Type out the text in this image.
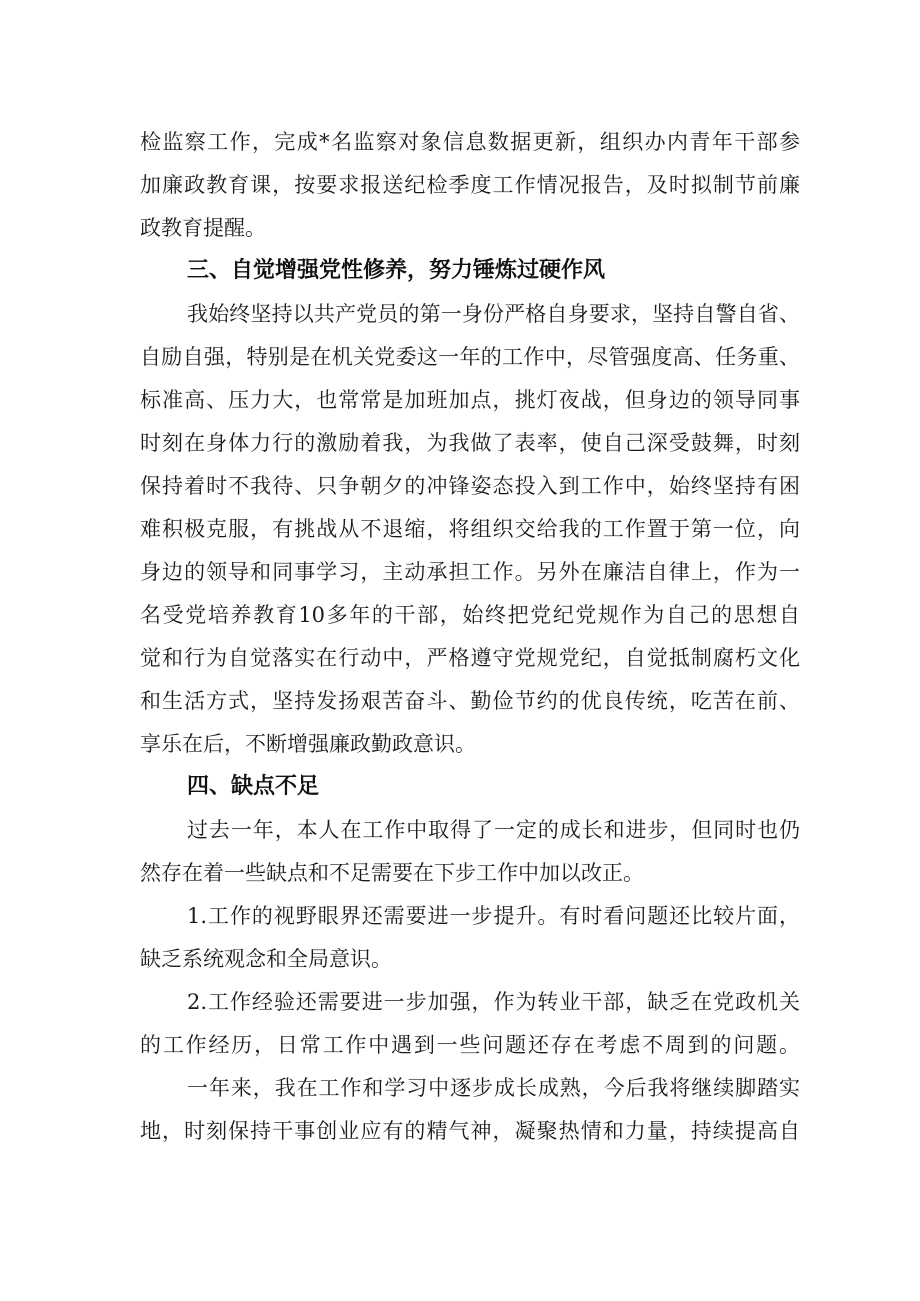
检监察工作，完成*名监察对象信息数据更新，组织办内青年干部参

加廉政教育课，按要求报送纪检季度工作情况报告，及时拟制节前廉

政教育提醒。

三、自觉增强党性修养，努力锤炼过硬作风

我始终坚持以共产党员的第一身份严格自身要求，坚持自警自省、

自励自强，特别是在机关党委这一年的工作中，尽管强度高、任务重、

标准高、压力大，也常常是加班加点，挑灯夜战，但身边的领导同事

时刻在身体力行的激励着我，为我做了表率，使自己深受鼓舞，时刻

保持着时不我待、只争朝夕的冲锋姿态投入到工作中，始终坚持有困

难积极克服，有挑战从不退缩，将组织交给我的工作置于第一位，向

身边的领导和同事学习，主动承担工作。另外在廉洁自律上，作为一

名受党培养教育10多年的干部，始终把党纪党规作为自己的思想自

觉和行为自觉落实在行动中，严格遵守党规党纪，自觉抵制腐朽文化

和生活方式，坚持发扬艰苦奋斗、勤俭节约的优良传统，吃苦在前、

享乐在后，不断增强廉政勤政意识。

四、缺点不足

过去一年，本人在工作中取得了一定的成长和进步，但同时也仍

然存在着一些缺点和不足需要在下步工作中加以改正。

1.工作的视野眼界还需要进一步提升。有时看问题还比较片面，

缺乏系统观念和全局意识。

2.工作经验还需要进一步加强，作为转业干部，缺乏在党政机关

的工作经历，日常工作中遇到一些问题还存在考虑不周到的问题。

一年来，我在工作和学习中逐步成长成熟，今后我将继续脚踏实

地，时刻保持干事创业应有的精气神，凝聚热情和力量，持续提高自
